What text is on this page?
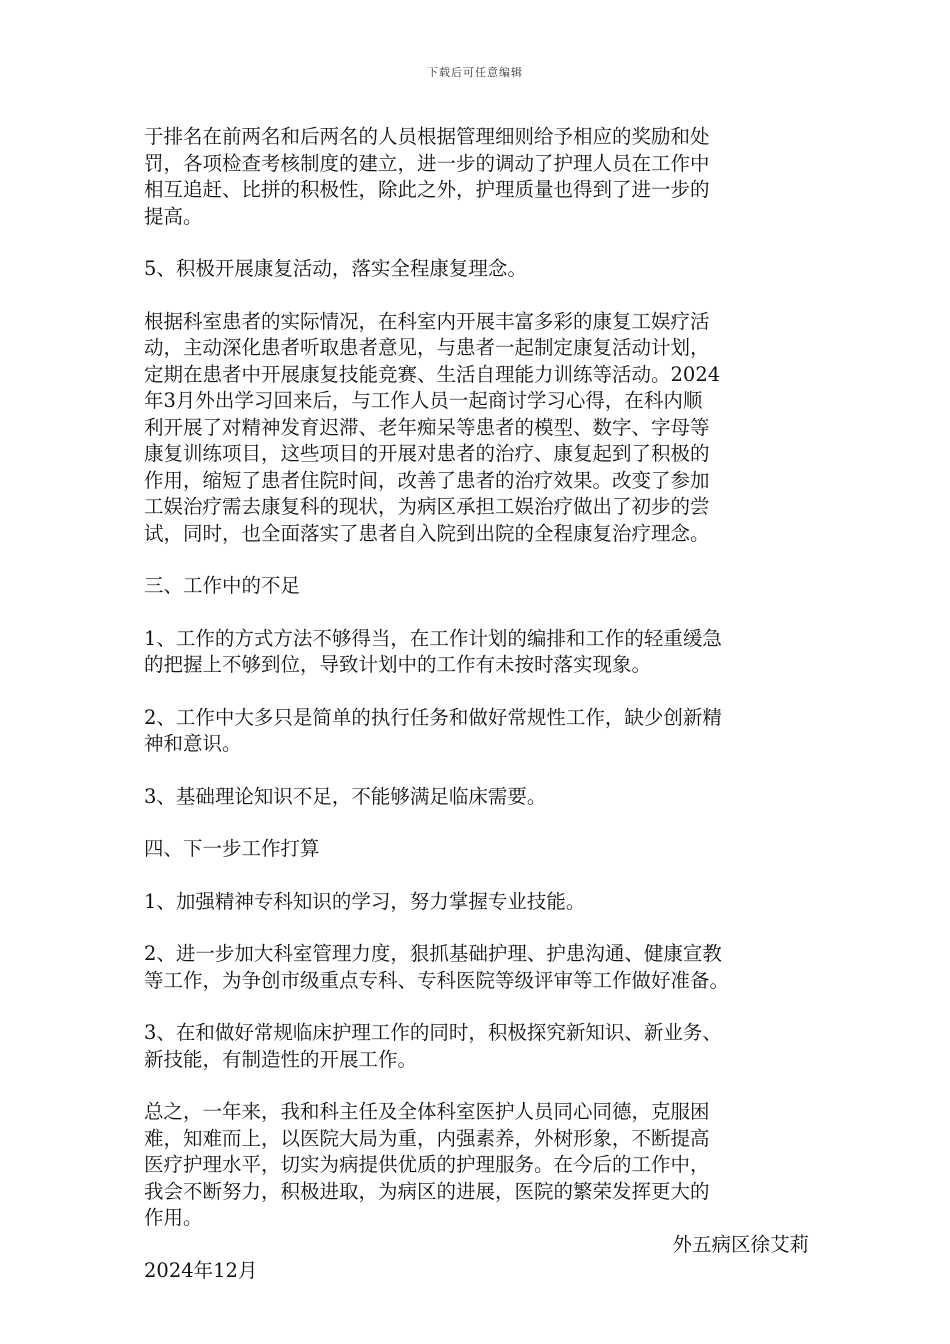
下载后可任意编辑

于排名在前两名和后两名的人员根据管理细则给予相应的奖励和处
罚，各项检查考核制度的建立，进一步的调动了护理人员在工作中
相互追赶、比拼的积极性，除此之外，护理质量也得到了进一步的
提高。

5、积极开展康复活动，落实全程康复理念。

根据科室患者的实际情况，在科室内开展丰富多彩的康复工娱疗活
动，主动深化患者听取患者意见，与患者一起制定康复活动计划，
定期在患者中开展康复技能竞赛、生活自理能力训练等活动。2024
年3月外出学习回来后，与工作人员一起商讨学习心得，在科内顺
利开展了对精神发育迟滞、老年痴呆等患者的模型、数字、字母等
康复训练项目，这些项目的开展对患者的治疗、康复起到了积极的
作用，缩短了患者住院时间，改善了患者的治疗效果。改变了参加
工娱治疗需去康复科的现状，为病区承担工娱治疗做出了初步的尝
试，同时，也全面落实了患者自入院到出院的全程康复治疗理念。

三、工作中的不足

1、工作的方式方法不够得当，在工作计划的编排和工作的轻重缓急
的把握上不够到位，导致计划中的工作有未按时落实现象。

2、工作中大多只是简单的执行任务和做好常规性工作，缺少创新精
神和意识。

3、基础理论知识不足，不能够满足临床需要。

四、下一步工作打算

1、加强精神专科知识的学习，努力掌握专业技能。

2、进一步加大科室管理力度，狠抓基础护理、护患沟通、健康宣教
等工作，为争创市级重点专科、专科医院等级评审等工作做好准备。

3、在和做好常规临床护理工作的同时，积极探究新知识、新业务、
新技能，有制造性的开展工作。

总之，一年来，我和科主任及全体科室医护人员同心同德，克服困
难，知难而上，以医院大局为重，内强素养，外树形象，不断提高
医疗护理水平，切实为病提供优质的护理服务。在今后的工作中，
我会不断努力，积极进取，为病区的进展，医院的繁荣发挥更大的
作用。

外五病区徐艾莉

2024年12月
